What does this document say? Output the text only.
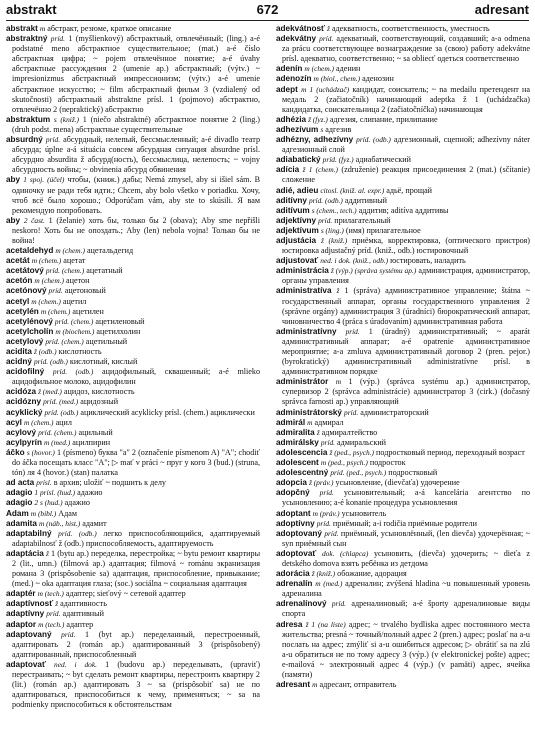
abstrakt	672	adresant

abstrakt m абстракт, резюме, краткое описание

abstraktný príd. 1 (myšlienkový) абстрактный, отвлечённый; (ling.) a-é podstatné meno абстрактное существительное; (mat.) a-é číslo абстрактная цифра; ~ pojem отвлечённое понятие; a-é úvahy абстрактные рассуждения 2 (umenie ap.) абстрактный; (výtv.) ~ impresionizmus абстрактный импрессионизм; (výtv.) a-é umenie абстрактное искусство; ~ film абстрактный фильм 3 (vzdialený od skutočnosti) абстрактный abstraktne prísl. 1 (pojmovo) абстрактно, отвлечённо 2 (nepraktický) абстрактно

abstraktum s (kniž.) 1 (niečo abstraktné) абстрактное понятие 2 (ling.) (druh podst. mena) абстрактные существительные

absurdný príd. абсурдный, нелепый, бессмысленный; a-é divadlo театр абсурда; úplne a-á situácia совсем абсурдная ситуация absurdne prísl. абсурдно absurdita ž абсурд(ность), бессмыслица, нелепость; ~ vojny абсурдность войны; ~ obvinenia абсурд обвинения

aby 1 spoj. (účel) чтобы, (книж.) дабы; Nemá zmysel, aby si išiel sám. В одиночку не ради тебя идти.; Chcem, aby bolo všetko v poriadku. Хочу, чтоб всё было хорошо.; Odporúčam vám, aby ste to skúsili. Я вам рекомендую попробовать.

aby 2 čast. 1 (želanie) хоть бы, только бы 2 (obava); Aby sme nepřišli neskoro! Хоть бы не опоздать.; Aby (len) nebola vojna! Только бы не война!

acetaldehyd m (chem.) ацетальдегид

acetát m (chem.) ацетат

acetátový príd. (chem.) ацетатный

acetón m (chem.) ацетон

acetónový príd. ацетоновый

acetyl m (chem.) ацетил

acetylén m (chem.) ацетилен

acetylénový príd. (chem.) ацетиленовый

acetylcholín m (biochem.) ацетилхолин

acetylový príd. (chem.) ацетильный

acidita ž (odb.) кислотность

acidný príd. (odb.) кислотный, кислый

acidofilný príd. (odb.) ацидофильный, сквашенный; a-é mlieko ацидофильное молоко, ацидофилин

acidóza ž (med.) ацидоз, кислотность

acidózny príd. (med.) ацидозный

acyklický príd. (odb.) ациклический acyklicky prísl. (chem.) ациклически

acyl m (chem.) ацил

acylový príd. (chem.) ацильный

acylpyrín m (med.) ацилпирин

áčko s (hovor.) 1 (písmeno) буква "а" 2 (označenie písmenom A) "А"; chodiť do áčka посещать класс "А"; ▷ mať v práci ~ пруг у кого 3 (bud.) (struna, tón) ля 4 (hovor.) (stan) палатка

ad acta prísl. в архив; uložiť ~ подшить к делу

adagio 1 prísl. (hud.) адажио

adagio 2 s (hud.) адажио

Adam m (bibl.) Адам

adamita m (náb., hist.) адамит

adaptabilný príd. (odb.) легко приспособляющийся, адаптируемый adaptabilnosť ž (odb.) приспособляемость, адаптируемость

adaptácia ž 1 (bytu ap.) переделка, перестройка; ~ bytu ремонт квартиры 2 (lit., umn.) (filmová ap.) адаптация; filmová ~ románu экранизация романа 3 (prispôsobenie sa) адаптация, приспособление, привыкание; (med.) ~ oka адаптация глаза; (soc.) sociálna ~ социальная адаптация

adaptér m (tech.) адаптер; sieťový ~ сетевой адаптер

adaptívnosť ž адаптивность

adaptívny príd. адаптивный

adaptor m (tech.) адаптер

adaptovaný príd. 1 (byt ap.) переделанный, перестроенный, адаптировать 2 (román ap.) адаптированный 3 (prispôsobený) адаптированный, приспособленный

adaptovať ned. i dok. 1 (budovu ap.) переделывать, (upraviť) перестраивать; ~ byt сделать ремонт квартиры, перестроить квартиру 2 (lit.) (román ap.) адаптировать 3 ~ sa (prispôsobiť sa) не по адаптироваться, приспособиться к чему, применяться; ~ sa na podmienky приспособиться к обстоятельствам

adekvátnosť ž адекватность, соответственность, уместность

adekvátny príd. адекватный, соответствующий, создавший; a-a odmena za prácu соответствующее вознаграждение за (свою) работу adekvátne prísl. адекватно, соответственно; ~ sa obliecť одеться соответственно

adenín m (chem.) аденин

adenozín m (biol., chem.) аденозин

adept m 1 (uchádzač) кандидат, соискатель; ~ na medailu претендент на медаль 2 (začiatočník) начинающий adeptka ž 1 (uchádzačka) кандидатка, соискательница 2 (začiatočníčka) начинающая

adhézia ž (fyz.) адгезия, слипание, прилипание

adhezívum s адгезив

adhézny, adhezívny príd. (odb.) адгезионный, сцепной; adhezívny náter адгезионный слой

adiabatický príd. (fyz.) адиабатический

adícia ž 1 (chem.) (združenie) реакция присоединения 2 (mat.) (sčítanie) сложение

adié, adieu citosl. (kniž. al. expr.) адьё, прощай

aditívny príd. (odb.) аддитивный

aditívum s (chem., tech.) аддитив; aditíva аддитивы

adjektívny príd. прилагательный

adjektívum s (ling.) (имя) прилагательное

adjustácia ž (kniž.) приёмка, корректировка, (оптического пристроя) юстировка adjustačný príd. (kniž., odb.) юстировочный

adjustovať ned. i dok. (kniž., odb.) юстировать, наладить

administrácia ž (výp.) (správa systému ap.) администрация, администратор, органы управления

administratíva ž 1 (správa) административное управление; štátna ~ государственный аппарат, органы государственного управления 2 (správne orgány) администрация 3 (úradníci) бюрократический аппарат, чиновничество 4 (práca s úradovaním) административная работа

administratívny príd. 1 (úradný) административный; ~ aparát административный аппарат; a-é opatrenie административное мероприятие; a-a zmluva административный договор 2 (pren. pejor.) (byrokratický) административный administratívne prísl. в административном порядке

administrátor m 1 (výp.) (správca systému ap.) администратор, супервизор 2 (správca administrácie) администратор 3 (cirk.) (dočasný správca farnosti ap.) управляющий

administrátorský príd. администраторский

admirál m адмирал

admiralita ž адмиралтейство

admirálsky príd. адмиральский

adolescencia ž (ped., psych.) подростковый период, переходный возраст

adolescent m (ped., psych.) подросток

adolescentný príd. (ped., psych.) подростковый

adopcia ž (práv.) усыновление, (dievčaťa) удочерение

adopčný príd. усыновительный; a-á kancelária агентство по усыновлению; a-é konanie процедура усыновления

adoptant m (práv.) усыновитель

adoptívny príd. приёмный; a-i rodičia приёмные родители

adoptovaný príd. приёмный, усыновлённый, (len dievča) удочерённая; ~ syn приёмный сын

adoptovať dok. (chlapca) усыновить, (dievča) удочерить; ~ dieťa z detského domova взять ребёнка из детдома

adorácia ž (kniž.) обожание, адорация

adrenalín m (med.) адреналин; zvýšená hladina ~u повышенный уровень адреналина

adrenalínový príd. адреналиновый; a-é športy адреналиновые виды спорта

adresa ž 1 (na liste) адрес; ~ trvalého bydliska адрес постоянного места жительства; presná ~ точный/полный адрес 2 (pren.) адрес; poslať na a-u послать на адрес; zmýliť si a-u ошибиться адресом; ▷ obrátiť sa na zlú a-u обратиться не по тому адресу 3 (výp.) (v elektronickej pošte) адрес; e-mailová ~ электронный адрес 4 (výp.) (v pamäti) адрес, ячейка (памяти)

adresant m адресант, отправитель
